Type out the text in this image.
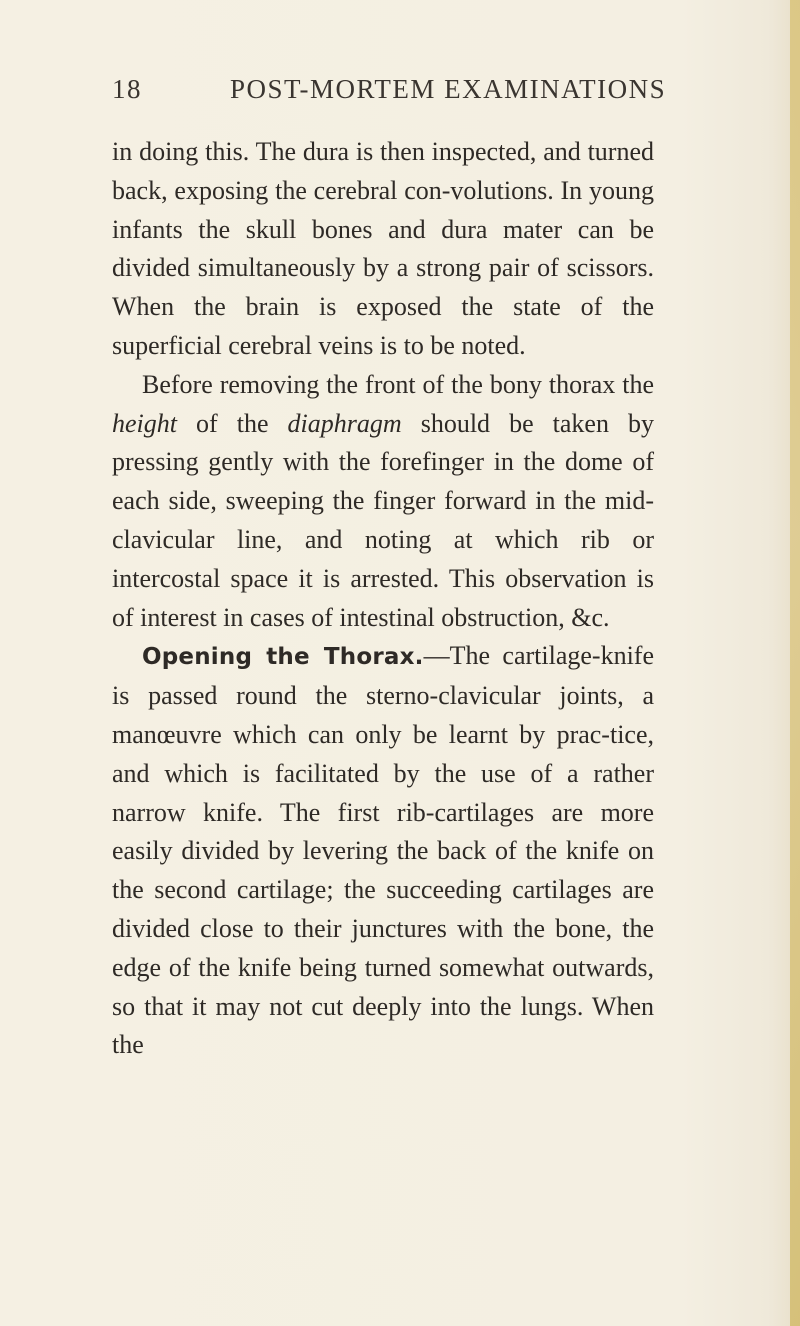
18	POST-MORTEM EXAMINATIONS

in doing this. The dura is then inspected, and turned back, exposing the cerebral con-volutions. In young infants the skull bones and dura mater can be divided simultaneously by a strong pair of scissors. When the brain is exposed the state of the superficial cerebral veins is to be noted.

Before removing the front of the bony thorax the height of the diaphragm should be taken by pressing gently with the forefinger in the dome of each side, sweeping the finger forward in the mid-clavicular line, and noting at which rib or intercostal space it is arrested. This observation is of interest in cases of intestinal obstruction, &c.

Opening the Thorax.—The cartilage-knife is passed round the sterno-clavicular joints, a manœuvre which can only be learnt by prac-tice, and which is facilitated by the use of a rather narrow knife. The first rib-cartilages are more easily divided by levering the back of the knife on the second cartilage; the succeeding cartilages are divided close to their junctures with the bone, the edge of the knife being turned somewhat outwards, so that it may not cut deeply into the lungs. When the
